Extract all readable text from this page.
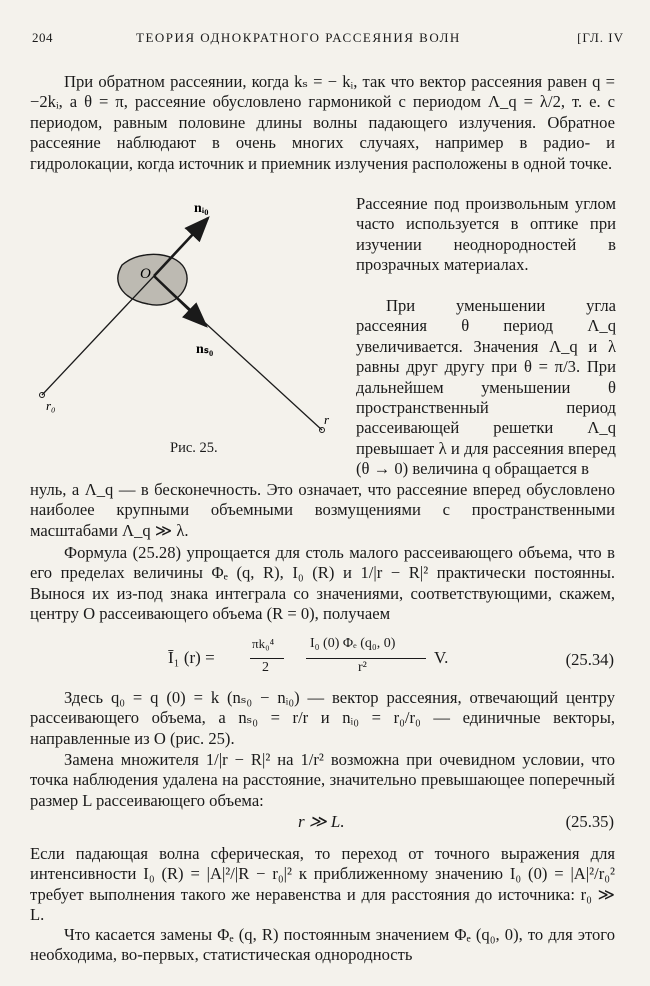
204	ТЕОРИЯ ОДНОКРАТНОГО РАССЕЯНИЯ ВОЛН	[ГЛ. IV

При обратном рассеянии, когда kₛ = − kᵢ, так что вектор рассеяния равен q = −2kᵢ, а θ = π, рассеяние обусловлено гармоникой с периодом Λ_q = λ/2, т. е. с периодом, равным половине длины волны падающего излучения. Обратное рассеяние наблюдают в очень многих случаях, например в радио- и гидролокации, когда источник и приемник излучения расположены в одной точке.

nᵢ₀
nₛ₀
O
r₀
r
Рис. 25.

Рассеяние под произвольным углом часто используется в оптике при изучении неоднородностей в прозрачных материалах.

При уменьшении угла рассеяния θ период Λ_q увеличивается. Значения Λ_q и λ равны друг другу при θ = π/3. При дальнейшем уменьшении θ пространственный период рассеивающей решетки Λ_q превышает λ и для рассеяния вперед (θ → 0) величина q обращается в

нуль, а Λ_q — в бесконечность. Это означает, что рассеяние вперед обусловлено наиболее крупными объемными возмущениями с пространственными масштабами Λ_q ≫ λ.

Формула (25.28) упрощается для столь малого рассеивающего объема, что в его пределах величины Φₑ (q, R), I₀ (R) и 1/|r − R|² практически постоянны. Вынося их из-под знака интеграла со значениями, соответствующими, скажем, центру O рассеивающего объема (R = 0), получаем

Ī₁ (r) =
πk₀⁴
2
I₀ (0) Φₑ (q₀, 0)
r²
V.	(25.34)

Здесь q₀ = q (0) = k (nₛ₀ − nᵢ₀) — вектор рассеяния, отвечающий центру рассеивающего объема, а nₛ₀ = r/r и nᵢ₀ = r₀/r₀ — единичные векторы, направленные из O (рис. 25).

Замена множителя 1/|r − R|² на 1/r² возможна при очевидном условии, что точка наблюдения удалена на расстояние, значительно превышающее поперечный размер L рассеивающего объема:

r ≫ L.	(25.35)

Если падающая волна сферическая, то переход от точного выражения для интенсивности I₀ (R) = |A|²/|R − r₀|² к приближенному значению I₀ (0) = |A|²/r₀² требует выполнения такого же неравенства и для расстояния до источника: r₀ ≫ L.

Что касается замены Φₑ (q, R) постоянным значением Φₑ (q₀, 0), то для этого необходима, во-первых, статистическая однородность
